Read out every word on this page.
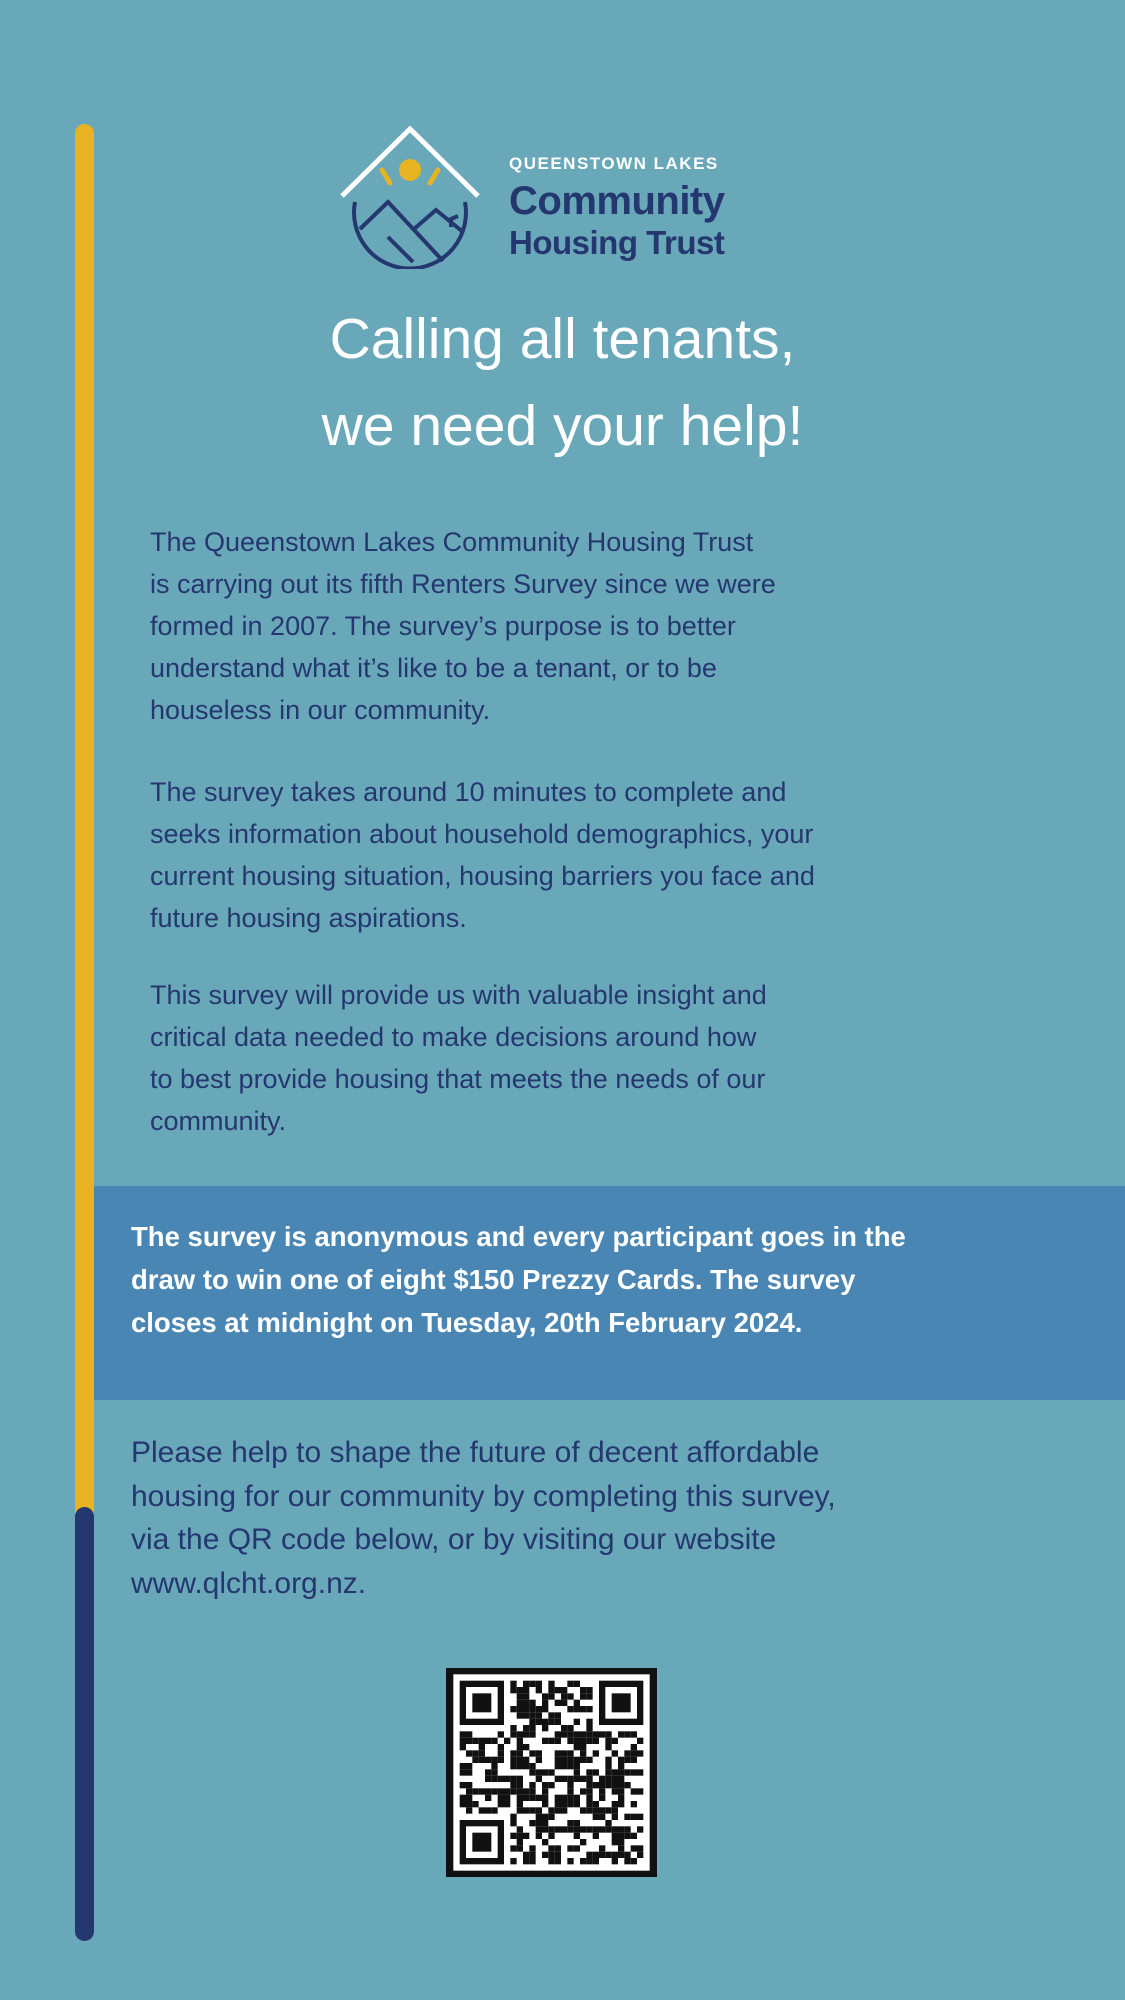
QUEENSTOWN LAKES
Community
Housing Trust
Calling all tenants,
we need your help!
The Queenstown Lakes Community Housing Trust
is carrying out its fifth Renters Survey since we were
formed in 2007. The survey’s purpose is to better
understand what it’s like to be a tenant, or to be
houseless in our community.
The survey takes around 10 minutes to complete and
seeks information about household demographics, your
current housing situation, housing barriers you face and
future housing aspirations.
This survey will provide us with valuable insight and
critical data needed to make decisions around how
to best provide housing that meets the needs of our
community.
The survey is anonymous and every participant goes in the
draw to win one of eight $150 Prezzy Cards. The survey
closes at midnight on Tuesday, 20th February 2024.
Please help to shape the future of decent affordable
housing for our community by completing this survey,
via the QR code below, or by visiting our website
www.qlcht.org.nz.
